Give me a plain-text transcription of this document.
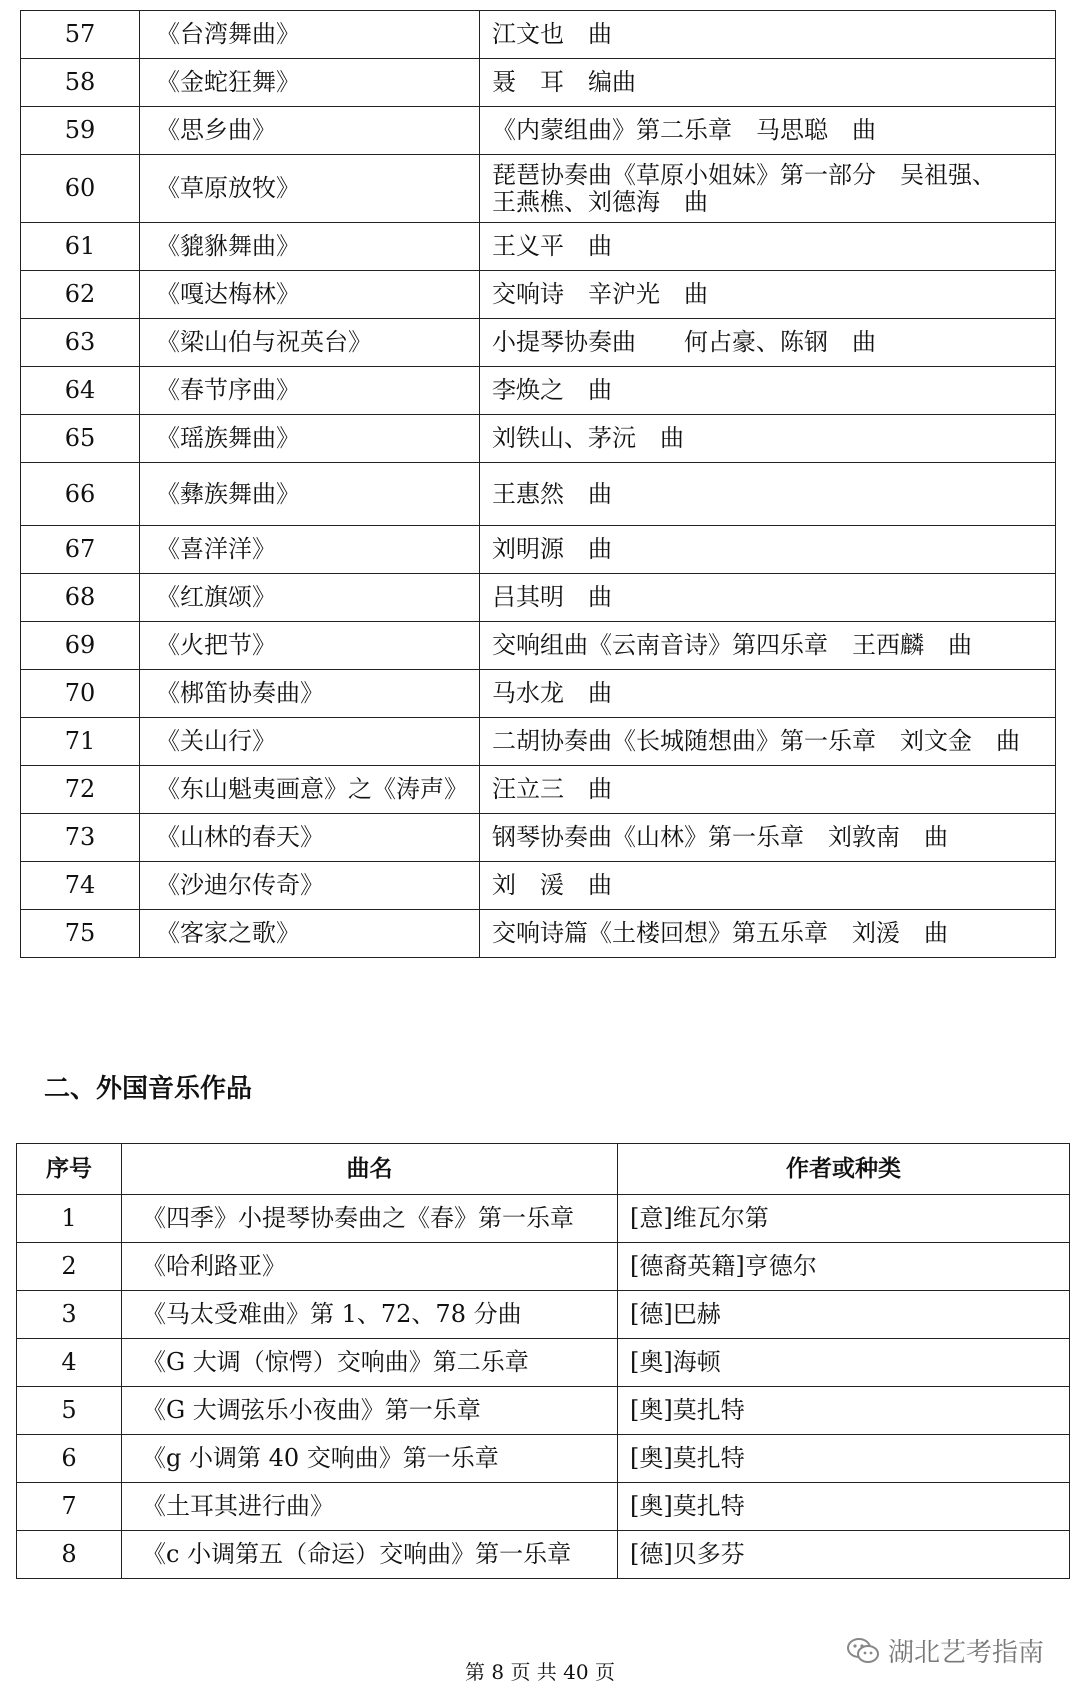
57	《台湾舞曲》	江文也　曲
58	《金蛇狂舞》	聂　耳　编曲
59	《思乡曲》	《内蒙组曲》第二乐章　马思聪　曲
60	《草原放牧》	琵琶协奏曲《草原小姐妹》第一部分　吴祖强、
王燕樵、刘德海　曲

61	《貔貅舞曲》	王义平　曲
62	《嘎达梅林》	交响诗　辛沪光　曲
63	《梁山伯与祝英台》	小提琴协奏曲　　何占豪、陈钢　曲
64	《春节序曲》	李焕之　曲
65	《瑶族舞曲》	刘铁山、茅沅　曲
66	《彝族舞曲》	王惠然　曲
67	《喜洋洋》	刘明源　曲
68	《红旗颂》	吕其明　曲
69	《火把节》	交响组曲《云南音诗》第四乐章　王西麟　曲
70	《梆笛协奏曲》	马水龙　曲
71	《关山行》	二胡协奏曲《长城随想曲》第一乐章　刘文金　曲
72	《东山魁夷画意》之《涛声》	汪立三　曲
73	《山林的春天》	钢琴协奏曲《山林》第一乐章　刘敦南　曲
74	《沙迪尔传奇》	刘　湲　曲
75	《客家之歌》	交响诗篇《土楼回想》第五乐章　刘湲　曲
二、外国音乐作品
序号	曲名	作者或种类
1	《四季》小提琴协奏曲之《春》第一乐章	[意]维瓦尔第
2	《哈利路亚》	[德裔英籍]亨德尔
3	《马太受难曲》第 1、72、78 分曲	[德]巴赫
4	《G 大调（惊愕）交响曲》第二乐章	[奥]海顿
5	《G 大调弦乐小夜曲》第一乐章	[奥]莫扎特
6	《g 小调第 40 交响曲》第一乐章	[奥]莫扎特
7	《土耳其进行曲》	[奥]莫扎特
8	《c 小调第五（命运）交响曲》第一乐章	[德]贝多芬
湖北艺考指南
第 8 页 共 40 页
